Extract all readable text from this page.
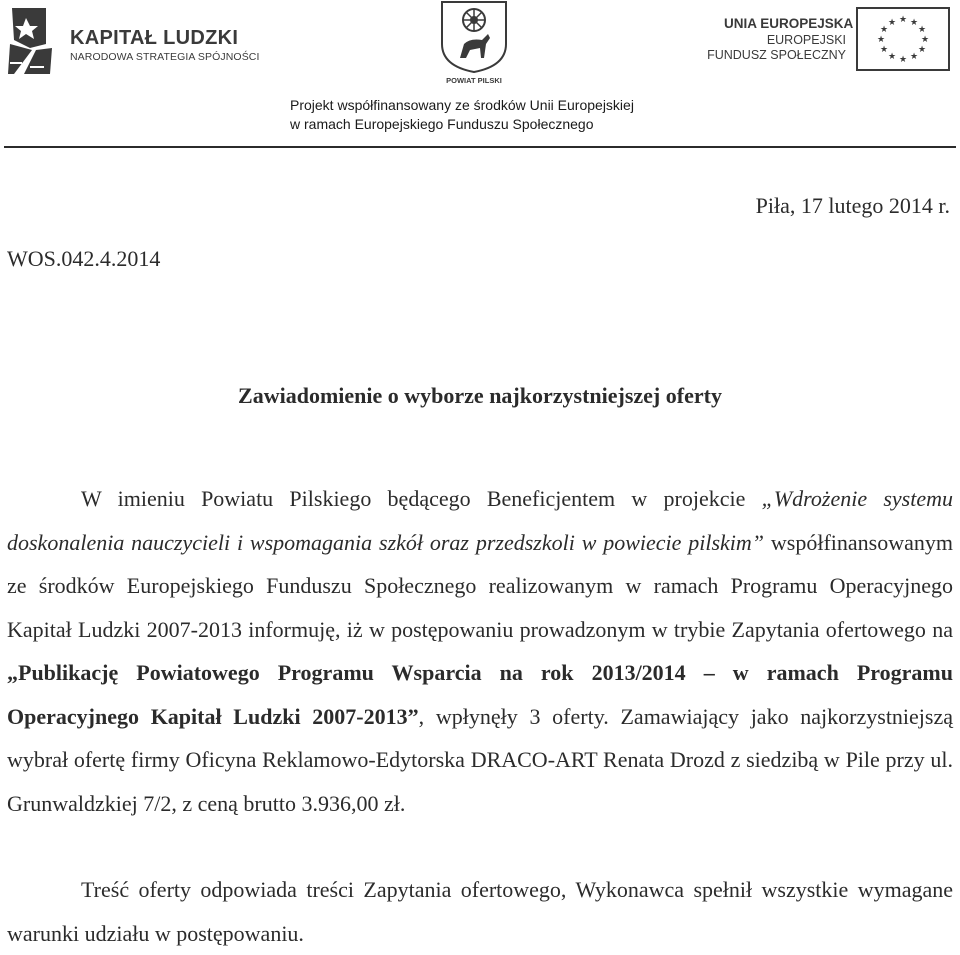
KAPITAŁ LUDZKI
NARODOWA STRATEGIA SPÓJNOŚCI
POWIAT PILSKI
UNIA EUROPEJSKA
EUROPEJSKI
FUNDUSZ SPOŁECZNY
★ ★
★
★
★
★
★
★
★
★
★
★
Projekt współfinansowany ze środków Unii Europejskiej
w ramach Europejskiego Funduszu Społecznego
Piła, 17 lutego 2014 r.
WOS.042.4.2014
Zawiadomienie o wyborze najkorzystniejszej oferty
W imieniu Powiatu Pilskiego będącego Beneficjentem w projekcie „Wdrożenie systemu doskonalenia nauczycieli i wspomagania szkół oraz przedszkoli w powiecie pilskim” współfinansowanym ze środków Europejskiego Funduszu Społecznego realizowanym w ramach Programu Operacyjnego Kapitał Ludzki 2007-2013 informuję, iż w postępowaniu prowadzonym w trybie Zapytania ofertowego na „Publikację Powiatowego Programu Wsparcia na rok 2013/2014 – w ramach Programu Operacyjnego Kapitał Ludzki 2007-2013”, wpłynęły 3 oferty. Zamawiający jako najkorzystniejszą wybrał ofertę firmy Oficyna Reklamowo-Edytorska DRACO-ART Renata Drozd z siedzibą w Pile przy ul. Grunwaldzkiej 7/2, z ceną brutto 3.936,00 zł.
Treść oferty odpowiada treści Zapytania ofertowego, Wykonawca spełnił wszystkie wymagane warunki udziału w postępowaniu.
